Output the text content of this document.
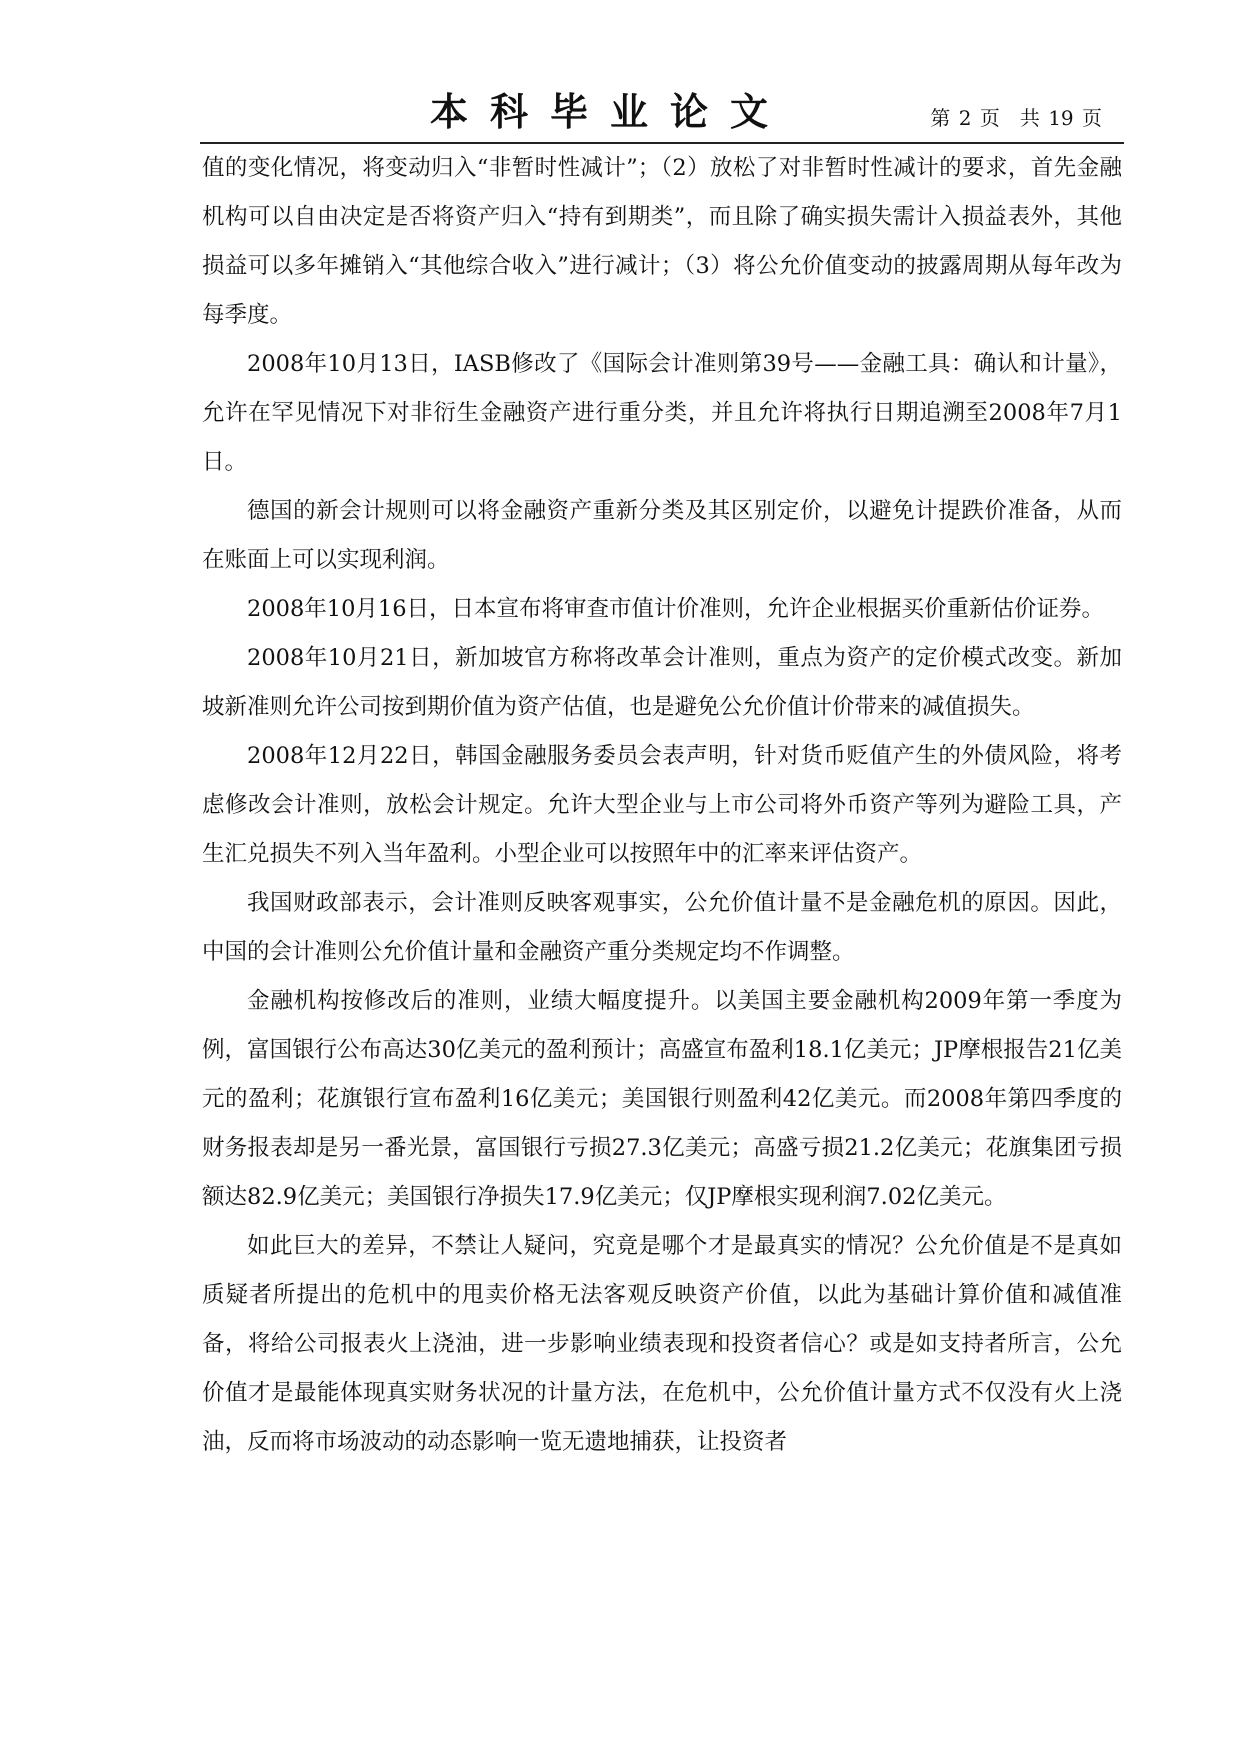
本科毕业论文	第 2 页　共 19 页

值的变化情况，将变动归入“非暂时性减计”；（2）放松了对非暂时性减计的要求，首先金融机构可以自由决定是否将资产归入“持有到期类”，而且除了确实损失需计入损益表外，其他损益可以多年摊销入“其他综合收入”进行减计；（3）将公允价值变动的披露周期从每年改为每季度。

2008年10月13日，IASB修改了《国际会计准则第39号——金融工具：确认和计量》，允许在罕见情况下对非衍生金融资产进行重分类，并且允许将执行日期追溯至2008年7月1日。

德国的新会计规则可以将金融资产重新分类及其区别定价，以避免计提跌价准备，从而在账面上可以实现利润。

2008年10月16日，日本宣布将审查市值计价准则，允许企业根据买价重新估价证券。

2008年10月21日，新加坡官方称将改革会计准则，重点为资产的定价模式改变。新加坡新准则允许公司按到期价值为资产估值，也是避免公允价值计价带来的减值损失。

2008年12月22日，韩国金融服务委员会表声明，针对货币贬值产生的外债风险，将考虑修改会计准则，放松会计规定。允许大型企业与上市公司将外币资产等列为避险工具，产生汇兑损失不列入当年盈利。小型企业可以按照年中的汇率来评估资产。

我国财政部表示，会计准则反映客观事实，公允价值计量不是金融危机的原因。因此，中国的会计准则公允价值计量和金融资产重分类规定均不作调整。

金融机构按修改后的准则，业绩大幅度提升。以美国主要金融机构2009年第一季度为例，富国银行公布高达30亿美元的盈利预计；高盛宣布盈利18.1亿美元；JP摩根报告21亿美元的盈利；花旗银行宣布盈利16亿美元；美国银行则盈利42亿美元。而2008年第四季度的财务报表却是另一番光景，富国银行亏损27.3亿美元；高盛亏损21.2亿美元；花旗集团亏损额达82.9亿美元；美国银行净损失17.9亿美元；仅JP摩根实现利润7.02亿美元。

如此巨大的差异，不禁让人疑问，究竟是哪个才是最真实的情况？公允价值是不是真如质疑者所提出的危机中的甩卖价格无法客观反映资产价值，以此为基础计算价值和减值准备，将给公司报表火上浇油，进一步影响业绩表现和投资者信心？或是如支持者所言，公允价值才是最能体现真实财务状况的计量方法，在危机中，公允价值计量方式不仅没有火上浇油，反而将市场波动的动态影响一览无遗地捕获，让投资者
